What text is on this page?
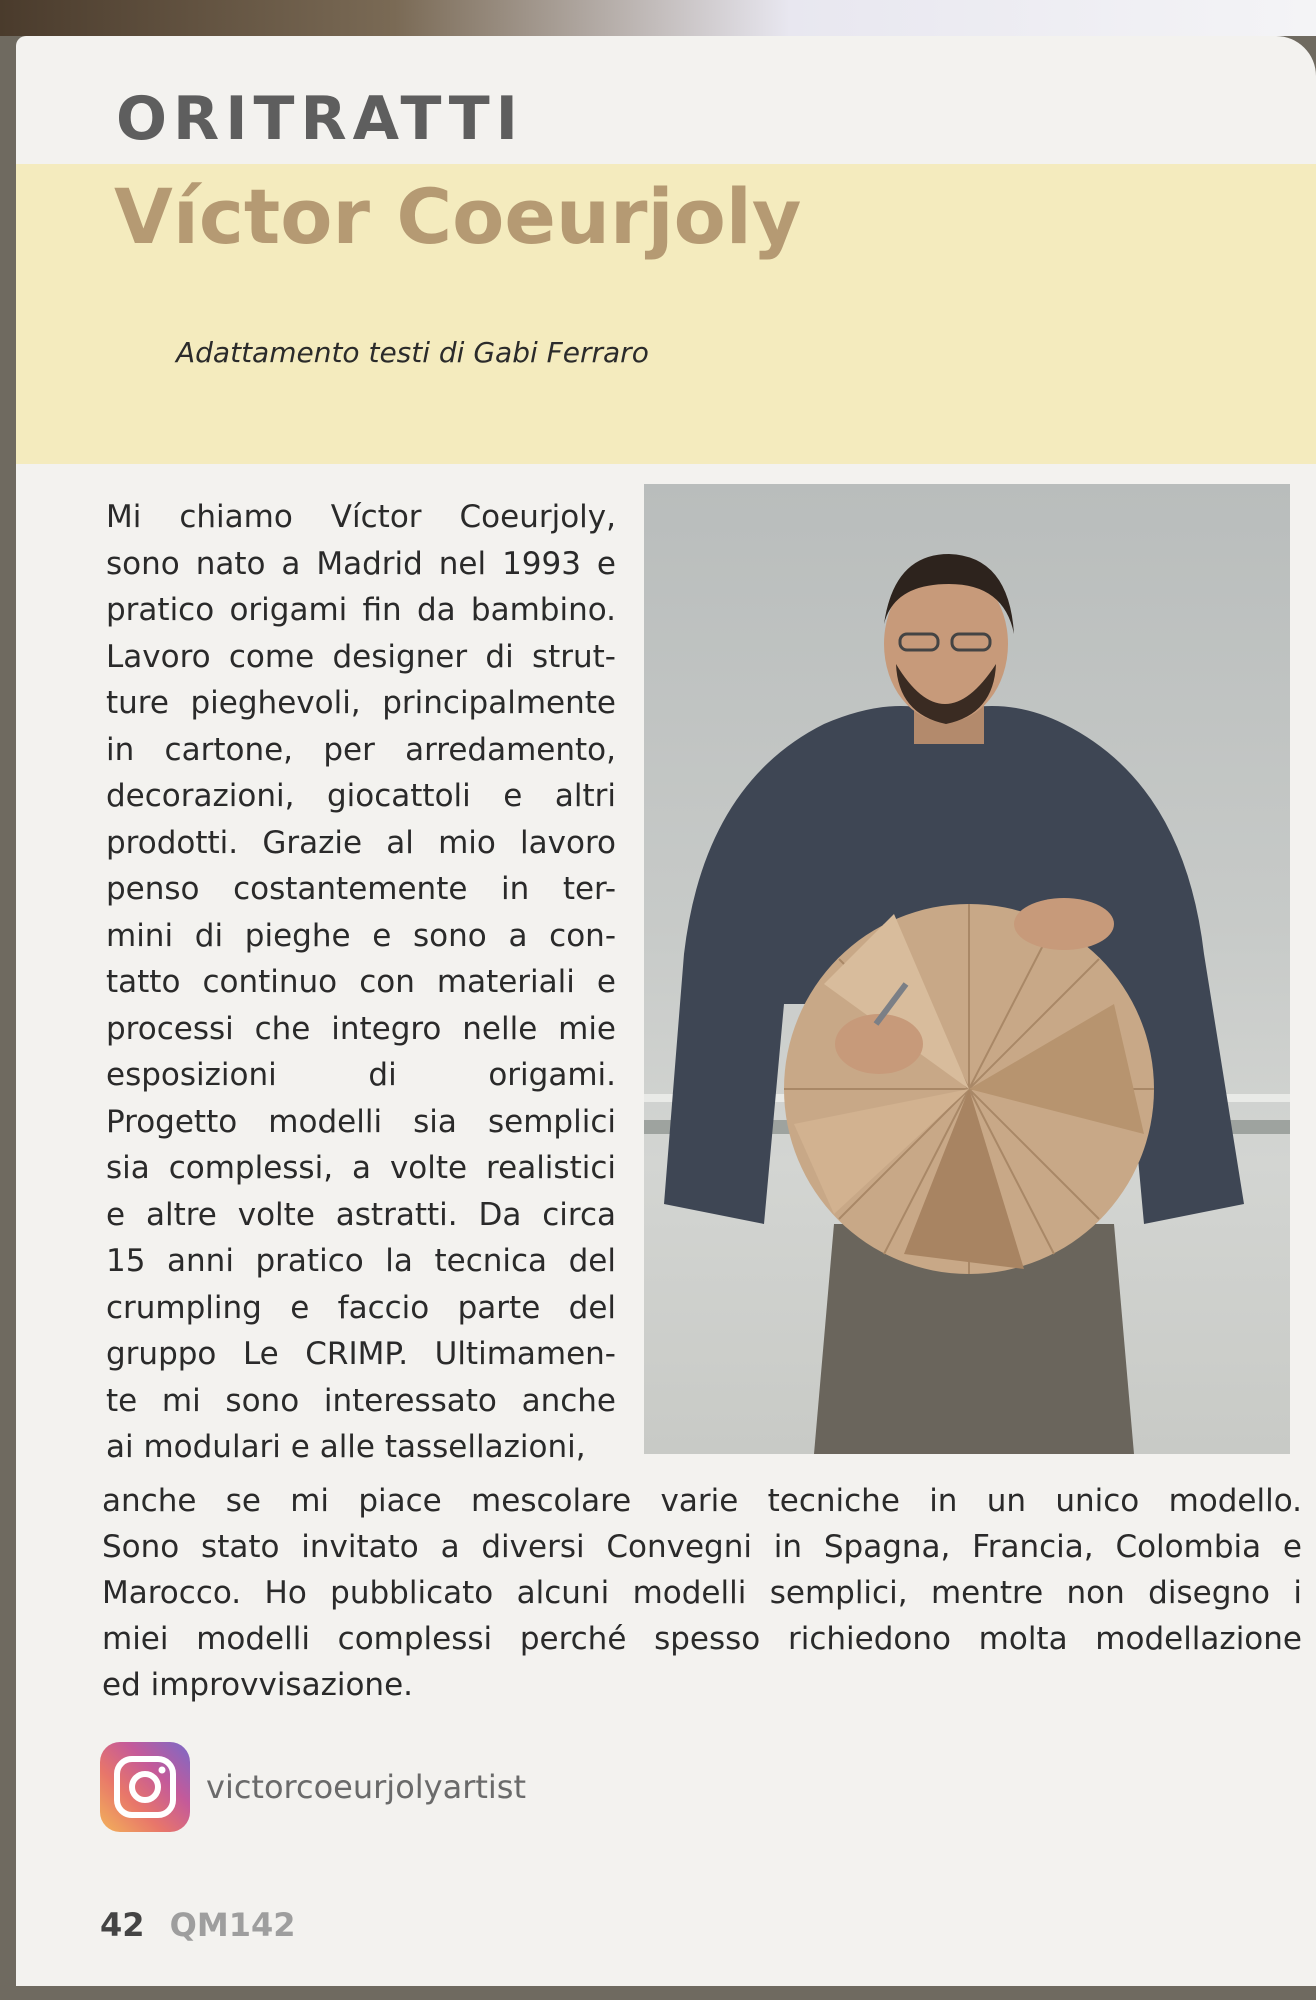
ORITRATTI
Víctor Coeurjoly

Adattamento testi di Gabi Ferraro

Mi chiamo Víctor Coeurjoly,
sono nato a Madrid nel 1993 e
pratico origami fin da bambino.
Lavoro come designer di strut-
ture pieghevoli, principalmente
in cartone, per arredamento,
decorazioni, giocattoli e altri
prodotti. Grazie al mio lavoro
penso costantemente in ter-
mini di pieghe e sono a con-
tatto continuo con materiali e
processi che integro nelle mie
esposizioni di origami.
Progetto modelli sia semplici
sia complessi, a volte realistici
e altre volte astratti. Da circa
15 anni pratico la tecnica del
crumpling e faccio parte del
gruppo Le CRIMP. Ultimamen-
te mi sono interessato anche
ai modulari e alle tassellazioni,

anche se mi piace mescolare varie tecniche in un unico modello.
Sono stato invitato a diversi Convegni in Spagna, Francia, Colombia e
Marocco. Ho pubblicato alcuni modelli semplici, mentre non disegno i
miei modelli complessi perché spesso richiedono molta modellazione
ed improvvisazione.

victorcoeurjolyartist

42 QM142
